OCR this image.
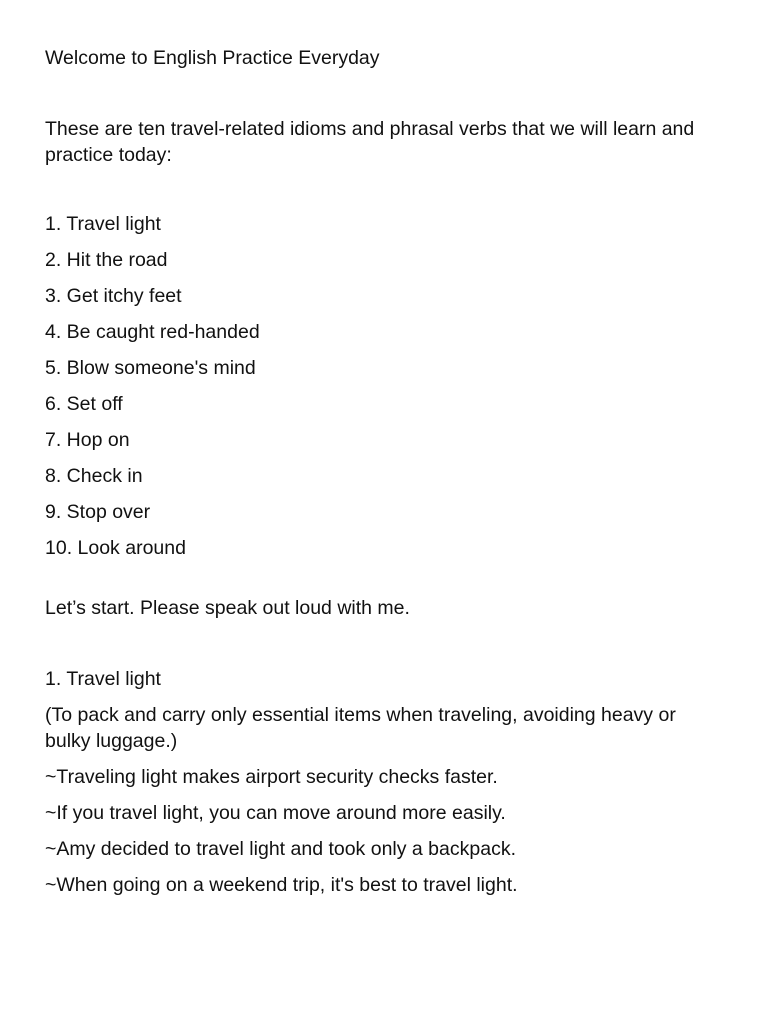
Welcome to English Practice Everyday

These are ten travel-related idioms and phrasal verbs that we will learn and practice today:

1. Travel light
2. Hit the road
3. Get itchy feet
4. Be caught red-handed
5. Blow someone's mind
6. Set off
7. Hop on
8. Check in
9. Stop over
10. Look around

Let’s start. Please speak out loud with me.

1. Travel light

(To pack and carry only essential items when traveling, avoiding heavy or bulky luggage.)

~Traveling light makes airport security checks faster.

~If you travel light, you can move around more easily.

~Amy decided to travel light and took only a backpack.

~When going on a weekend trip, it's best to travel light.
